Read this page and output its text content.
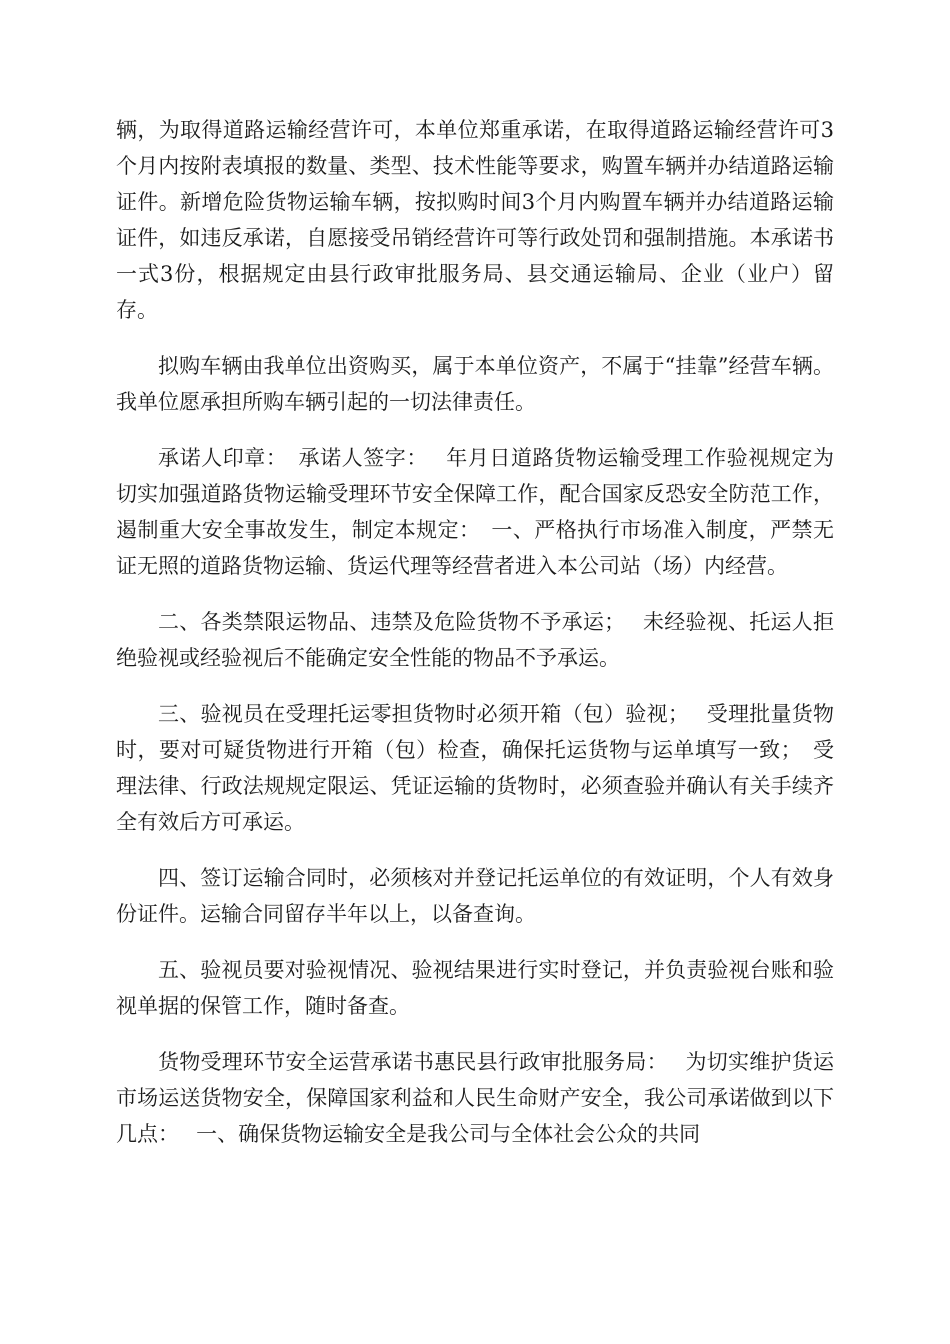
辆，为取得道路运输经营许可，本单位郑重承诺，在取得道路运输经营许可3个月内按附表填报的数量、类型、技术性能等要求，购置车辆并办结道路运输证件。新增危险货物运输车辆，按拟购时间3个月内购置车辆并办结道路运输证件，如违反承诺，自愿接受吊销经营许可等行政处罚和强制措施。本承诺书一式3份，根据规定由县行政审批服务局、县交通运输局、企业（业户）留存。

拟购车辆由我单位出资购买，属于本单位资产，不属于“挂靠”经营车辆。我单位愿承担所购车辆引起的一切法律责任。

承诺人印章：　承诺人签字：　 年月日道路货物运输受理工作验视规定为切实加强道路货物运输受理环节安全保障工作，配合国家反恐安全防范工作，遏制重大安全事故发生，制定本规定：　一、严格执行市场准入制度，严禁无证无照的道路货物运输、货运代理等经营者进入本公司站（场）内经营。

二、各类禁限运物品、违禁及危险货物不予承运；　 未经验视、托运人拒绝验视或经验视后不能确定安全性能的物品不予承运。

三、验视员在受理托运零担货物时必须开箱（包）验视；　 受理批量货物时，要对可疑货物进行开箱（包）检查，确保托运货物与运单填写一致；　受理法律、行政法规规定限运、凭证运输的货物时，必须查验并确认有关手续齐全有效后方可承运。

四、签订运输合同时，必须核对并登记托运单位的有效证明，个人有效身份证件。运输合同留存半年以上，以备查询。

五、验视员要对验视情况、验视结果进行实时登记，并负责验视台账和验视单据的保管工作，随时备查。

货物受理环节安全运营承诺书惠民县行政审批服务局：　 为切实维护货运市场运送货物安全，保障国家利益和人民生命财产安全，我公司承诺做到以下几点：　 一、确保货物运输安全是我公司与全体社会公众的共同
